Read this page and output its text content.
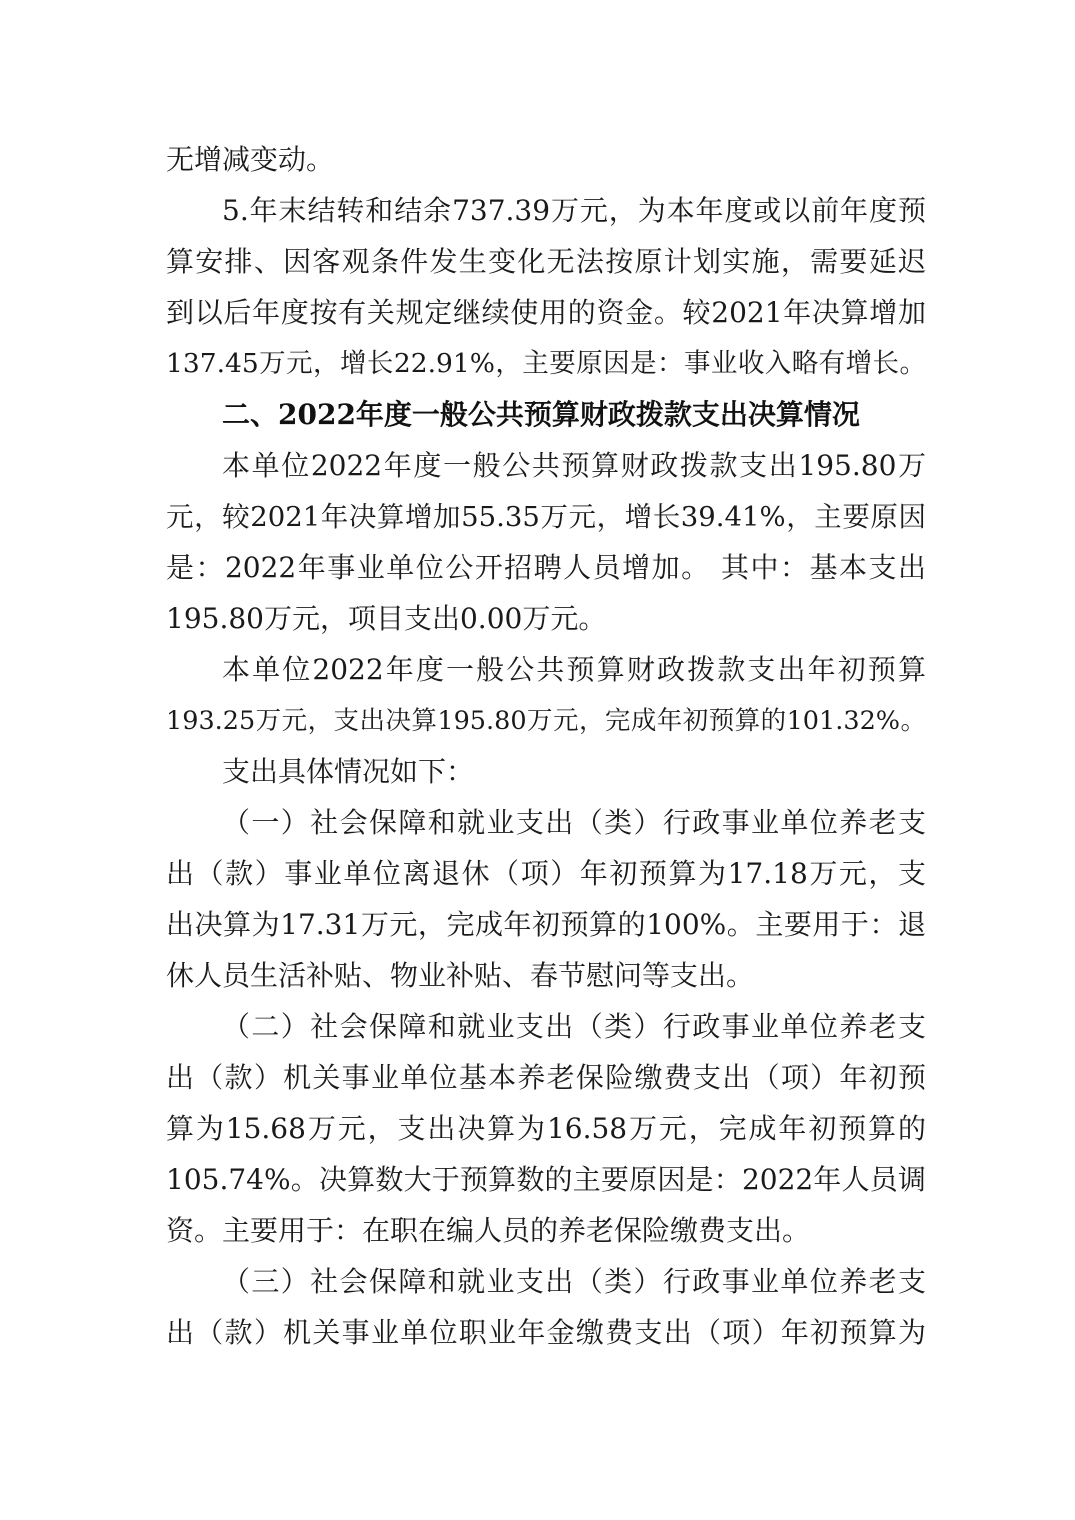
无增减变动。
5.年末结转和结余737.39万元，为本年度或以前年度预
算安排、因客观条件发生变化无法按原计划实施，需要延迟
到以后年度按有关规定继续使用的资金。较2021年决算增加
137.45万元，增长22.91%，主要原因是：事业收入略有增长。
二、2022年度一般公共预算财政拨款支出决算情况
本单位2022年度一般公共预算财政拨款支出195.80万
元，较2021年决算增加55.35万元，增长39.41%，主要原因
是：2022年事业单位公开招聘人员增加。 其中：基本支出
195.80万元，项目支出0.00万元。
本单位2022年度一般公共预算财政拨款支出年初预算
193.25万元，支出决算195.80万元，完成年初预算的101.32%。
支出具体情况如下：
（一）社会保障和就业支出（类）行政事业单位养老支
出（款）事业单位离退休（项）年初预算为17.18万元，支
出决算为17.31万元，完成年初预算的100%。主要用于：退
休人员生活补贴、物业补贴、春节慰问等支出。
（二）社会保障和就业支出（类）行政事业单位养老支
出（款）机关事业单位基本养老保险缴费支出（项）年初预
算为15.68万元，支出决算为16.58万元，完成年初预算的
105.74%。决算数大于预算数的主要原因是：2022年人员调
资。主要用于：在职在编人员的养老保险缴费支出。
（三）社会保障和就业支出（类）行政事业单位养老支
出（款）机关事业单位职业年金缴费支出（项）年初预算为
